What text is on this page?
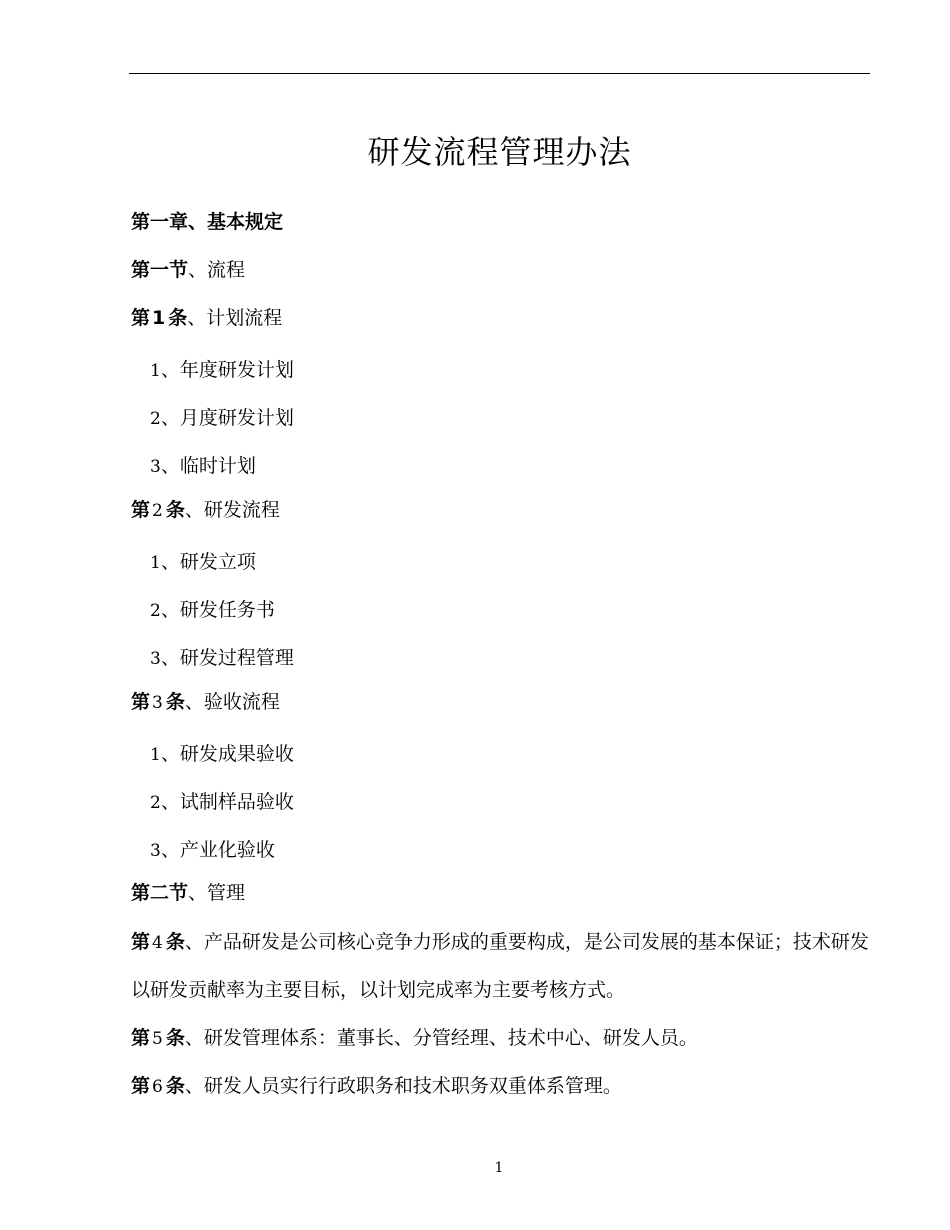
研发流程管理办法
第一章、基本规定
第一节、流程
第 1 条、计划流程
1、年度研发计划
2、月度研发计划
3、临时计划
第 2 条、研发流程
1、研发立项
2、研发任务书
3、研发过程管理
第 3 条、验收流程
1、研发成果验收
2、试制样品验收
3、产业化验收
第二节、管理
第 4 条、产品研发是公司核心竞争力形成的重要构成，是公司发展的基本保证；技术研发
以研发贡献率为主要目标，以计划完成率为主要考核方式。
第 5 条、研发管理体系：董事长、分管经理、技术中心、研发人员。
第 6 条、研发人员实行行政职务和技术职务双重体系管理。
1
